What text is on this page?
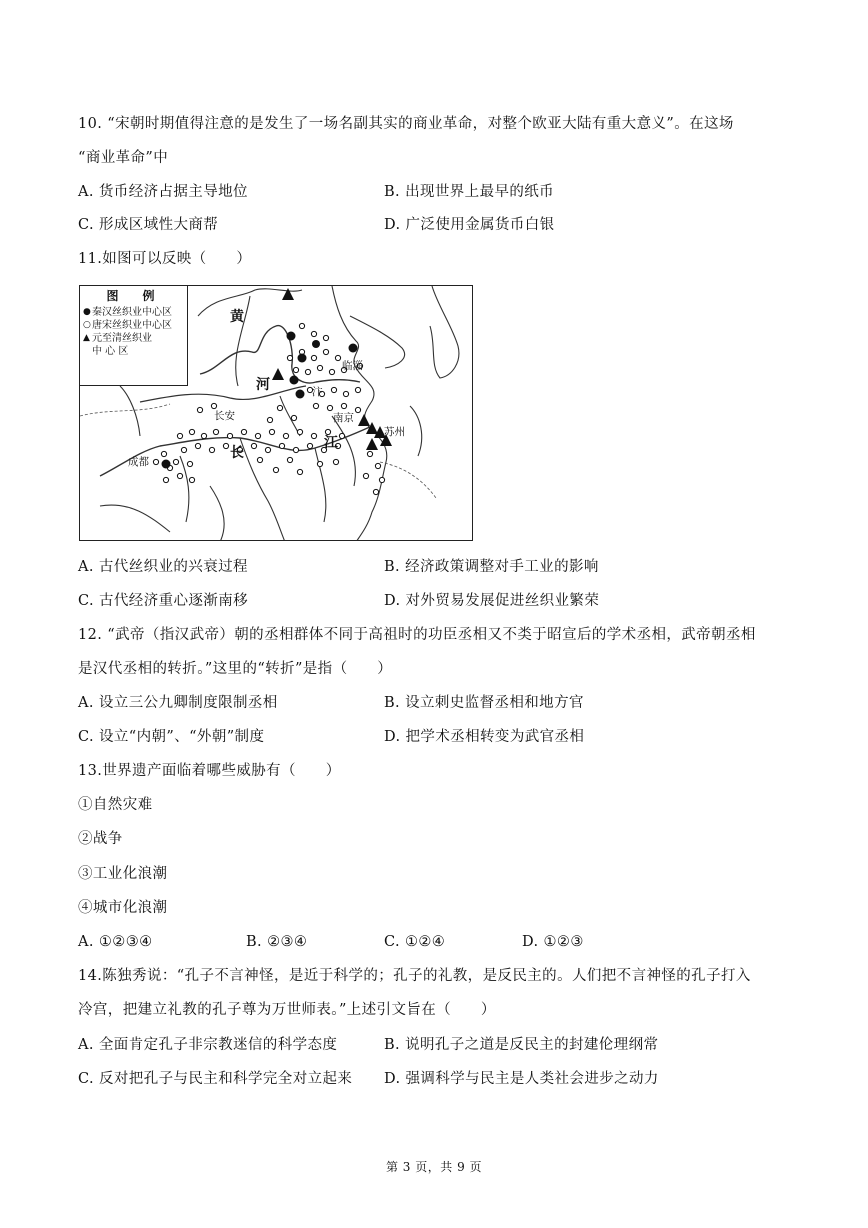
10. “宋朝时期值得注意的是发生了一场名副其实的商业革命，对整个欧亚大陆有重大意义”。在这场
“商业革命”中
A. 货币经济占据主导地位	B. 出现世界上最早的纸币
C. 形成区域性大商帮	D. 广泛使用金属货币白银
11.如图可以反映（　　）
图　例
● 秦汉丝织业中心区
○ 唐宋丝织业中心区
▲ 元至清丝织业
中 心 区
黄
河
长
江
汴
长安
成都
临淄
南京
苏州
A. 古代丝织业的兴衰过程	B. 经济政策调整对手工业的影响
C. 古代经济重心逐渐南移	D. 对外贸易发展促进丝织业繁荣
12. “武帝（指汉武帝）朝的丞相群体不同于高祖时的功臣丞相又不类于昭宣后的学术丞相，武帝朝丞相
是汉代丞相的转折。”这里的“转折”是指（　　）
A. 设立三公九卿制度限制丞相	B. 设立刺史监督丞相和地方官
C. 设立“内朝”、“外朝”制度	D. 把学术丞相转变为武官丞相
13.世界遗产面临着哪些威胁有（　　）
①自然灾难
②战争
③工业化浪潮
④城市化浪潮
A. ①②③④	B. ②③④	C. ①②④	D. ①②③
14.陈独秀说：“孔子不言神怪，是近于科学的；孔子的礼教，是反民主的。人们把不言神怪的孔子打入
冷宫，把建立礼教的孔子尊为万世师表。”上述引文旨在（　　）
A. 全面肯定孔子非宗教迷信的科学态度	B. 说明孔子之道是反民主的封建伦理纲常
C. 反对把孔子与民主和科学完全对立起来 D. 强调科学与民主是人类社会进步之动力
第 3 页，共 9 页
